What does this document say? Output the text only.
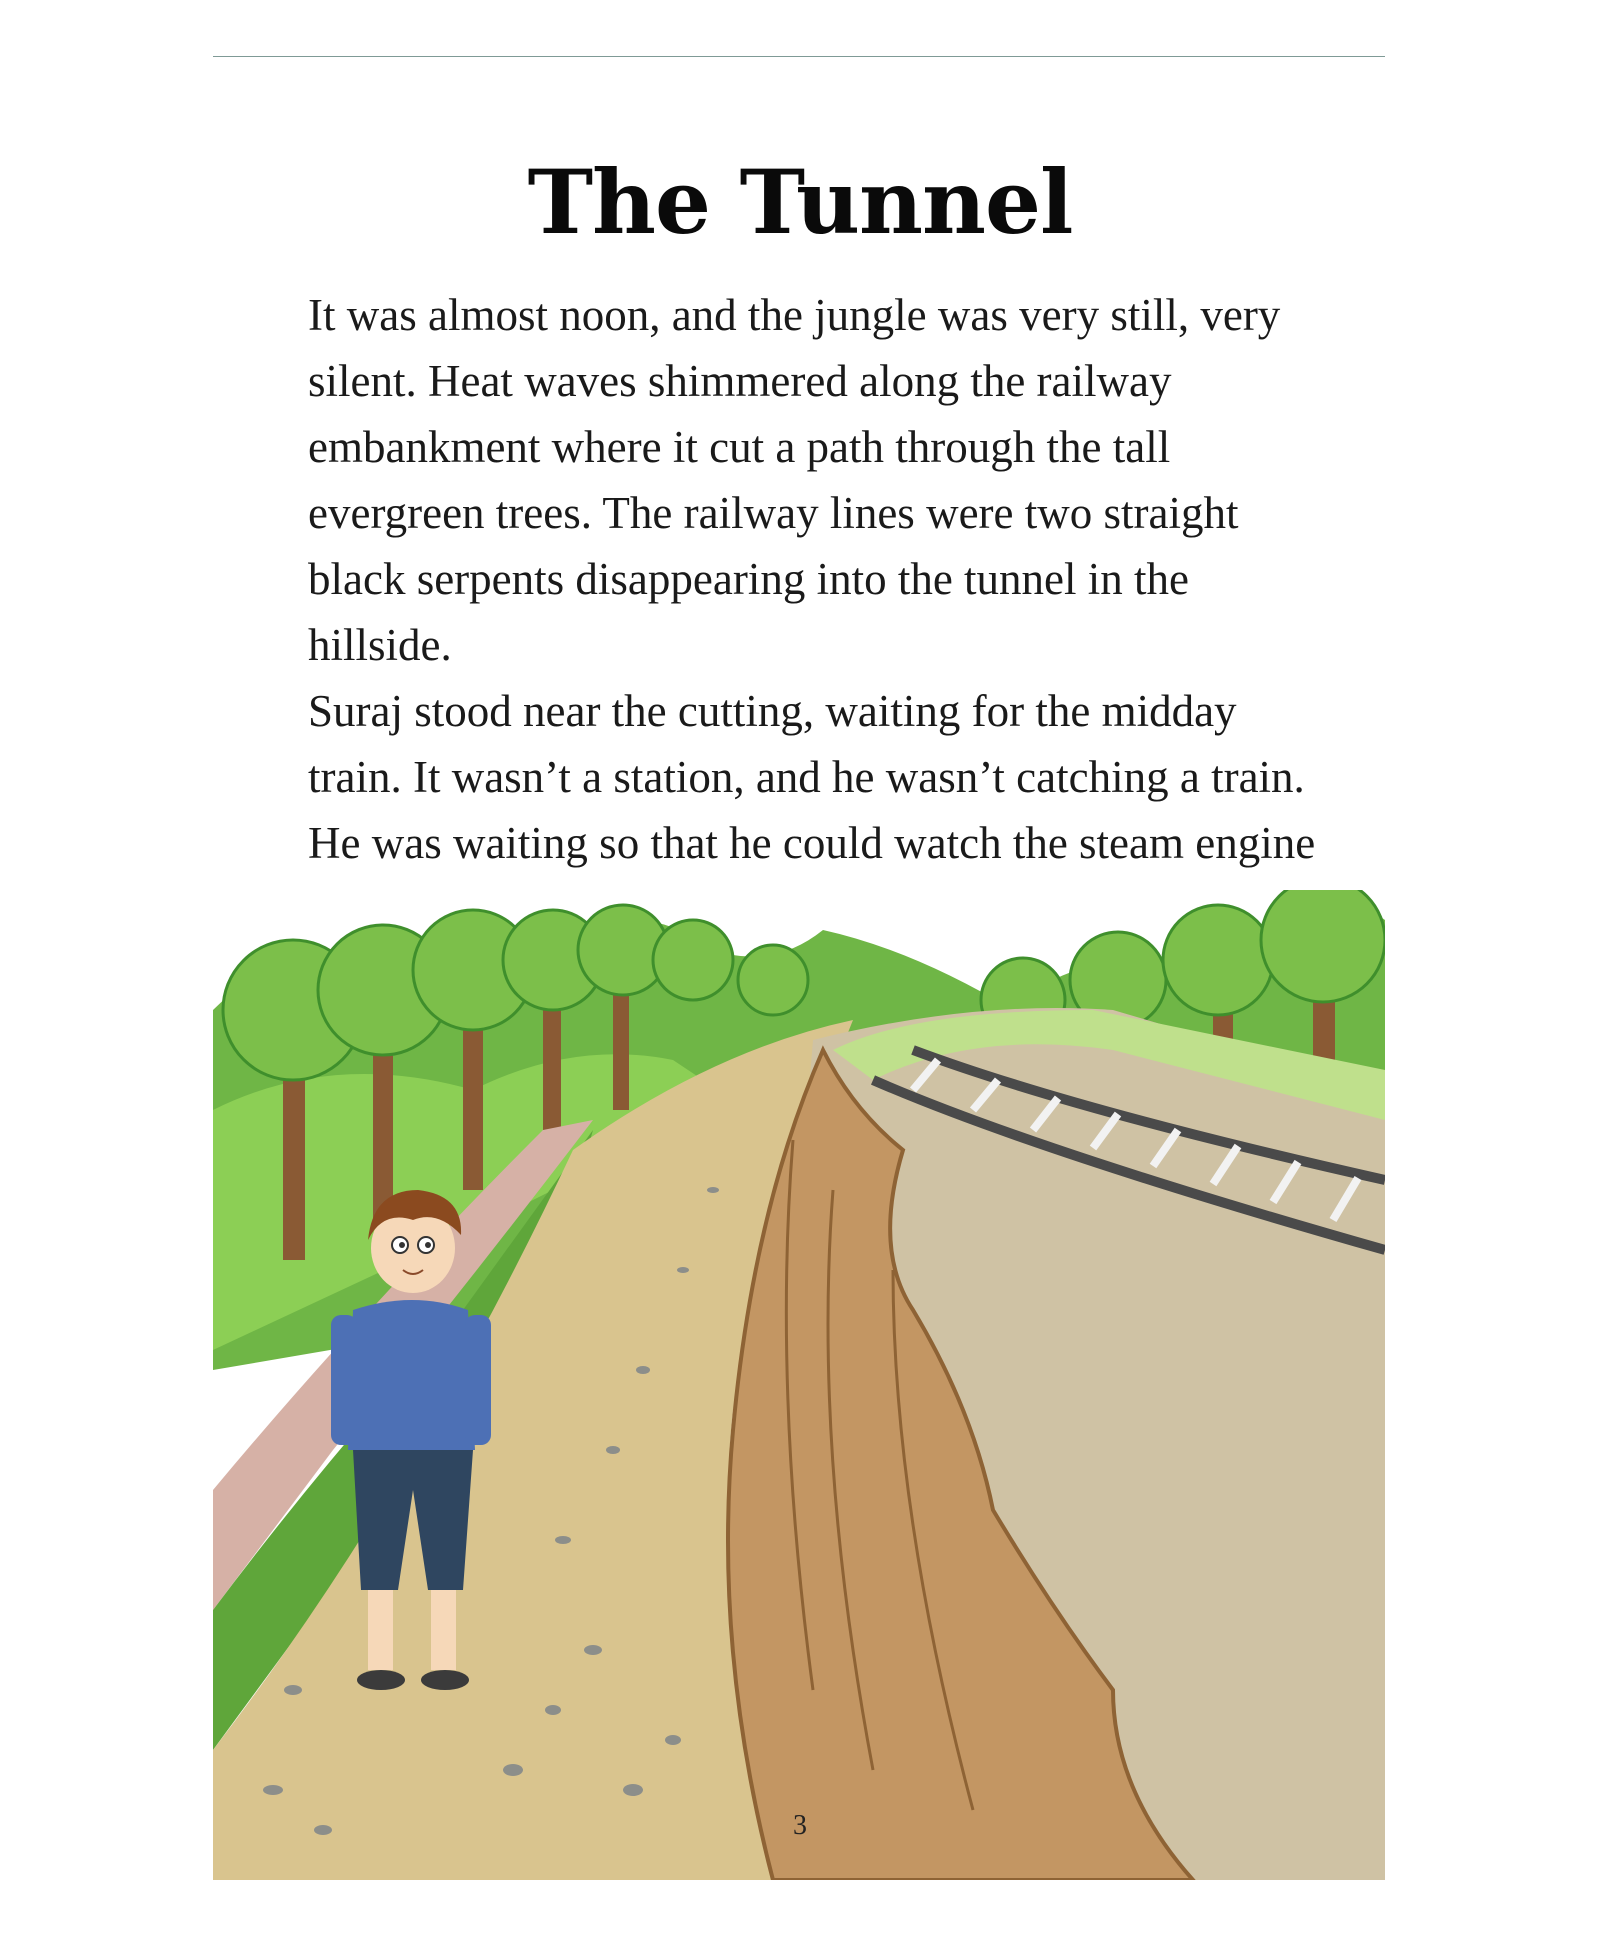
The Tunnel

It was almost noon, and the jungle was very still, very silent. Heat waves shimmered along the railway embankment where it cut a path through the tall evergreen trees. The railway lines were two straight black serpents disappearing into the tunnel in the hillside.

Suraj stood near the cutting, waiting for the midday train. It wasn’t a station, and he wasn’t catching a train. He was waiting so that he could watch the steam engine

3
